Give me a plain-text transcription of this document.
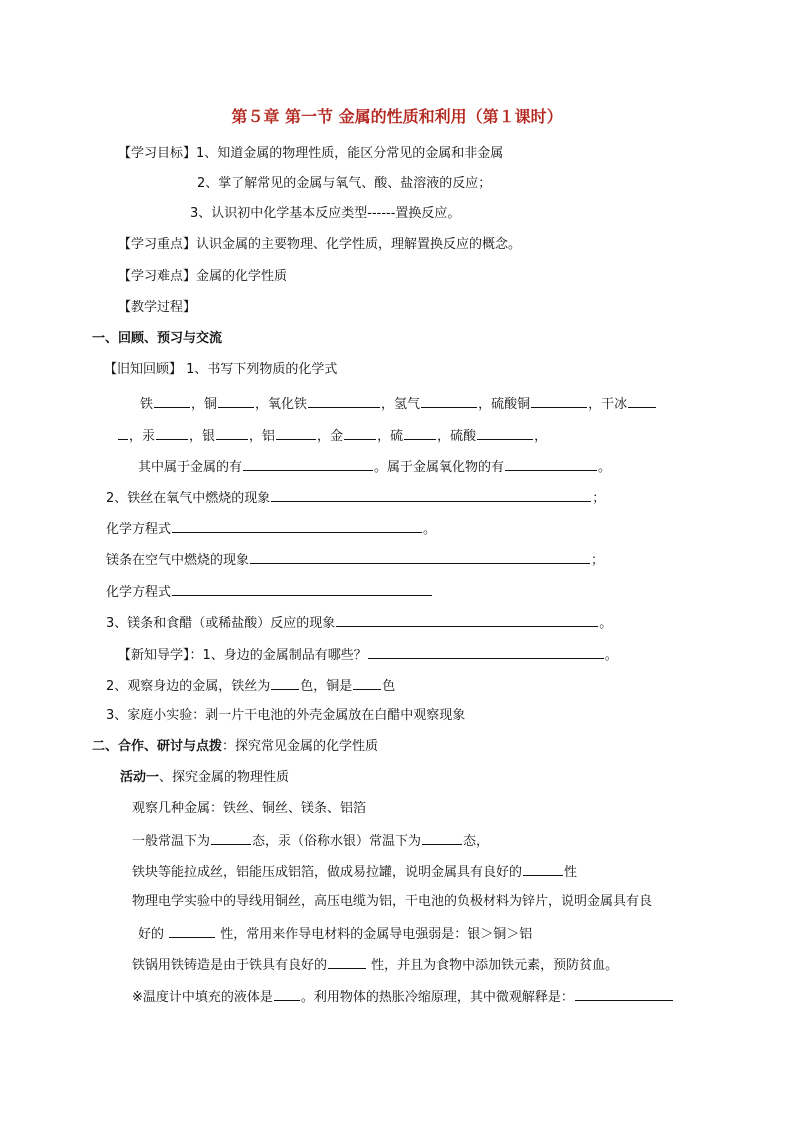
第５章 第一节 金属的性质和利用（第１课时）
【学习目标】1、知道金属的物理性质，能区分常见的金属和非金属
2、掌了解常见的金属与氧气、酸、盐溶液的反应；
3、认识初中化学基本反应类型------置换反应。
【学习重点】认识金属的主要物理、化学性质，理解置换反应的概念。
【学习难点】金属的化学性质
【教学过程】
一、回顾、预习与交流
【旧知回顾】 1、书写下列物质的化学式
铁	，铜	，氧化铁	，氢气	，硫酸铜	，干冰
，汞	，银	，铝	，金	，硫	，硫酸	，
其中属于金属的有	。属于金属氧化物的有	。
2、铁丝在氧气中燃烧的现象	；
化学方程式	。
镁条在空气中燃烧的现象	；
化学方程式
3、镁条和食醋（或稀盐酸）反应的现象	。
【新知导学】：1、身边的金属制品有哪些？	。
2、观察身边的金属，铁丝为 色，铜是 色
3、家庭小实验：剥一片干电池的外壳金属放在白醋中观察现象
二、合作、研讨与点拨：探究常见金属的化学性质
活动一、探究金属的物理性质
观察几种金属：铁丝、铜丝、镁条、铝箔
一般常温下为	态，汞（俗称水银）常温下为	态，
铁块等能拉成丝，铝能压成铝箔，做成易拉罐，说明金属具有良好的	性
物理电学实验中的导线用铜丝，高压电缆为铝，干电池的负极材料为锌片，说明金属具有良
好的	性，常用来作导电材料的金属导电强弱是：银＞铜＞铝
铁锅用铁铸造是由于铁具有良好的	性，并且为食物中添加铁元素，预防贫血。
※温度计中填充的液体是 。利用物体的热胀冷缩原理，其中微观解释是：
